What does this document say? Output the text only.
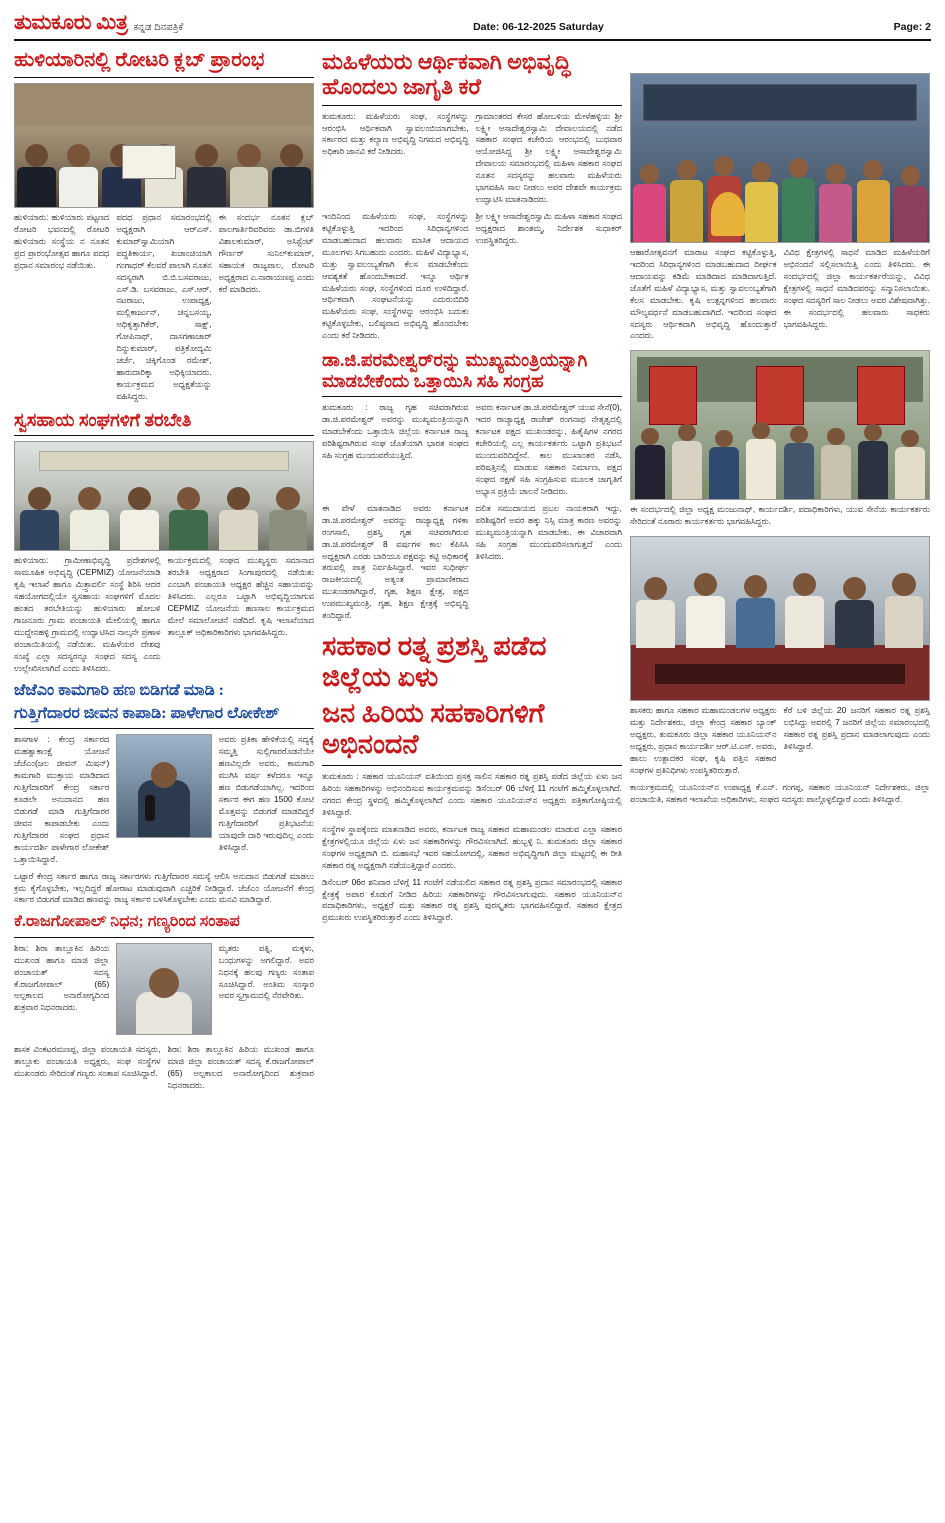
ತುಮಕೂರು ಮಿತ್ರ ಕನ್ನಡ ದಿನಪತ್ರಿಕೆ	Date: 06-12-2025 Saturday	Page: 2
ಹುಳಿಯಾರಿನಲ್ಲಿ ರೋಟರಿ ಕ್ಲಬ್ ಪ್ರಾರಂಭ
ಹುಳಿಯಾರು: ಹುಳಿಯಾರು ಪಟ್ಟಣದ ರೋಟರಿ ಭವನದಲ್ಲಿ ರೋಟರಿ ಹುಳಿಯಾರು ಸಂಸ್ಥೆಯ ನ ನೂತನ ಪ್ರದ ಪ್ರಾರಂಭೋತ್ಸವ ಹಾಗೂ ಪದಧ ಪ್ರಧಾನ ಸಮಾರಂಭ ನಡೆಯಿತು.
ಪದಧ ಪ್ರಧಾನ ಸಮಾರಂಭದಲ್ಲಿ ಅಧ್ಯಕ್ಷರಾಗಿ ಆರ್‌ಎಸ್. ಕುಮಾರ್‌ಸ್ವಾಮಿಯಾಗಿ ಪದ್ಧತಿಕಾರ್ಯ, ಖಜಾಂಚಿಯಾಗಿ ಗಂಗಾಧರ್ ಕೆಲವರೆ ಪಾಲಾಗಿ ನೂತನ ಸದಸ್ಯರಾಗಿ ಬಿ.ಬಿ.ಬಸವರಾಜು, ಎಸ್.ಡಿ. ಬಸವರಾಜು, ಎಸ್.ಆರ್. ನಟರಾಜು, ಉಪಾಧ್ಯಕ್ಷ, ಮಲ್ಲಿಕಾರ್ಜುನ್, ಚನ್ನಬಸಯ್ಯ, ಅಧಿಕೃತ್ತಾಗಿಕೆರ್, ಸಾಕ್ಷ್, ಗೋಪಿನಾಥ್, ದಾಸಗಣಾಚಾರ್ ದಿನ್ನುಕುಮಾರ್, ಪತ್ರಿಕೋದ್ಯಮಿ ಚರ್ಚೆ, ಚಿಕ್ಕಿಗೊಂಡ ರಮೇಶ್, ಹಾರುದಾರಿಕ್ಕಾ ಅಧಿಕ್ಕಿಯಾದರು. ಕಾರ್ಯಕ್ರಮದ ಅಧ್ಯಕ್ಷತೆಯನ್ನು ವಹಿಸಿದ್ದರು.
ಈ ಸಂದರ್ಭ ನೂತನ ಕ್ಲಬ್ ಪಾಲಗಾರ್ತಿರಿವರಿವರು ಡಾ.ಬಿಗಳಿತಿ ವಿಶಾಲಕುಮಾರ್, ಅಸಿಸ್ಟೆಂಟ್ ಗೌರ್ಣರ್ ಸುನಿಲ್‌ಕುಮಾರ್, ಸಹಾಯಕ ರಾಜ್ಯಪಾಲ, ರೋಟರಿ ಅಧ್ಯಕ್ಷರಾದ ಎ.ನಾರಾಯಣಪ್ಪ ಎಂದು ಕರೆ ಮಾಡಿದರು.
ಸ್ವಸಹಾಯ ಸಂಘಗಳಿಗೆ ತರಬೇತಿ
ಹುಳಿಯಾರು: ಗ್ರಾಮೀಣಾಭಿವೃದ್ಧಿ ಪ್ರದೇಶಗಳಲ್ಲಿ ಸಾಮೂಹಿಕ ಅಭಿವೃದ್ಧಿ (CEPMIZ) ಯೋಜನೆಯಾಡಿ ಕೃಷಿ ಇಲಾಖೆ ಹಾಗೂ ಮಿತ್ರ್ತಾವರ್ಲಿ ಸಂಸ್ಥೆ ಶಿರಿಸಿ ಆದರ ಸಹಯೋಗದಲ್ಲಿಯೇ ಸ್ವಸಹಾಯ ಸಂಘಗಳಿಗೆ ಮೊದಲ ಹಂತದ ತರಬೇತಿಯನ್ನು ಹುಳಿಯಾರು ಹೋಬಳಿ ಗಾಜನೂರು ಗ್ರಾಮ ಪಂಚಾಯತಿ ಮೇಲಿಯಲ್ಲಿ ಹಾಗೂ ಮುದ್ದೇನಹಳ್ಳಿ ಗ್ರಾಮದಲ್ಲಿ ಉದ್ಘಾಟಿಸಿದ ನಾಲ್ಕನೇ ಪ್ರಣಾಳ ಪಂಚಾಯಿತಿಯಲ್ಲಿ ನಡೆಯಿತು. ಮಹಿಳೆಯರ ದೇಶವು ಸಂಖ್ಯೆ ಎಲ್ಲಾ ಸದಸ್ಯರನ್ನೂ ಸಂಘದ ಸದಸ್ಯ ಎಂದು ಉಲ್ಲೇಖಿಸಲಾಗಿದೆ ಎಂದು ತಿಳಿಸಿದರು.
ಕಾರ್ಯಕ್ರಮದಲ್ಲಿ ಸಂಘದ ಮುಖ್ಯಸ್ಥರು ಸಮಾನಾದ ತರಬೇತಿ ಅಧ್ಯಕ್ಷರಾದ ಸಿಂಗಾಪುರದಲ್ಲಿ ನಡೆಯಿತು ಎಂಬಾಗಿ ಪಂಚಾಯತಿ ಅಧ್ಯಕ್ಷರ ಹೆಚ್ಚಿನ ಸಹಾಯವನ್ನು ತಿಳಿಸಿದರು. ಎಲ್ಲರೂ ಒಟ್ಟಾಗಿ ಅಭಿವೃದ್ಧಿಯಾಗುವ CEPMIZ ಯೋಜನೆಯ ಹಣಸಾಲ ಕಾರ್ಯಕ್ರಮದ ಮೇಲೆ ಸಮಾಲೋಚನೆ ನಡೆದಿದೆ. ಕೃಷಿ ಇಲಾಖೆಯಾದ ತಾಲ್ಲೂಕ್ ಅಧಿಕಾರಿಕಾರಿಗಳು ಭಾಗವಹಿಸಿದ್ದರು.
ಜೆಜೆಎಂ ಕಾಮಗಾರಿ ಹಣ ಬಿಡಿಗಡೆ ಮಾಡಿ :
ಗುತ್ತಿಗೆದಾರರ ಜೀವನ ಕಾಪಾಡಿ: ಪಾಳೇಗಾರ ಲೋಕೇಶ್
ಶಾಸಗಾಳ : ಕೇಂದ್ರ ಸರ್ಕಾರದ ಮಹತ್ವಾಕಾಂಕ್ಷೆ ಯೋಜನೆ ಜೆಜೆಎಂ(ಜಲ ಜೀವನ್ ಮಿಷನ್) ಕಾಮಗಾರಿ ಮುಕ್ತಾಯ ಮಾಡಿದಾದ ಗುತ್ತಿಗೆದಾರರಿಗೆ ಕೇಂದ್ರ ಸರ್ಕಾರ ಕೂಡಲೇ ಅನುದಾನದ ಹಣ ಬಿಡುಗಡೆ ಮಾಡಿ ಗುತ್ತಿಗೆದಾರರ ಜೀವನ ಕಾಪಾಡಬೇಕು ಎಂದು ಗುತ್ತಿಗೆದಾರರ ಸಂಘದ ಪ್ರಧಾನ ಕಾರ್ಯದರ್ಶಿ ಪಾಳೇಗಾರ ಲೋಕೇಶ್ ಒತ್ತಾಯಿಸಿದ್ದಾರೆ.
ಅವರು ಪ್ರತಿಕಾ ಹೇಳಿಕೆಯಲ್ಲಿ ಸದ್ಯಕ್ಕೆ ಸಮ್ಮತ್ತಿ ಸುಲ್ಲಿಗಾರರೊಡನೆಯೇ ಹಣವಿಲ್ಲದೇ ಅವರು, ಕಾಮಗಾರಿ ಮುಗಿಸಿ ವರ್ಷ ಕಳೆದರೂ ಇನ್ನೂ ಹಣ ಬಿಡುಗಡೆಯಾಗಿಲ್ಲ. ಇದರಿಂದ ಸರ್ಕಾರ ಈಗ ಹಣ 1500 ಕೋಟಿ ಮೊತ್ತವನ್ನು ಬಿಡುಗಡೆ ಮಾಡದಿದ್ದರೆ ಗುತ್ತಿಗೆದಾರರಿಗೆ ಪ್ರತಿಭಟನೆಯ ಯಾವುದೇ ದಾರಿ ಇರುವುದಿಲ್ಲ ಎಂದು ತಿಳಿಸಿದ್ದಾರೆ.
ಒಟ್ಟಾರೆ ಕೇಂದ್ರ ಸರ್ಕಾರ ಹಾಗೂ ರಾಜ್ಯ ಸರ್ಕಾರಗಳು ಗುತ್ತಿಗೆದಾರರ ಸಮಸ್ಯೆ ಆಲಿಸಿ ಅನುದಾನ ಬಿಡುಗಡೆ ಮಾಡಲು ಕ್ರಮ ಕೈಗೊಳ್ಳಬೇಕು, ಇಲ್ಲದಿದ್ದರೆ ಹೋರಾಟ ಮಾಡುವುದಾಗಿ ಎಚ್ಚರಿಕೆ ನೀಡಿದ್ದಾರೆ. ಜೆಜೆಎಂ ಯೋಜನೆಗೆ ಕೇಂದ್ರ ಸರ್ಕಾರ ಬಿಡುಗಡೆ ಮಾಡಿದ ಹಣವನ್ನು ರಾಜ್ಯ ಸರ್ಕಾರ ಬಳಸಿಕೊಳ್ಳಬೇಕು ಎಂದು ಮನವಿ ಮಾಡಿದ್ದಾರೆ.
ಕೆ.ರಾಜಗೋಪಾಲ್ ನಿಧನ; ಗಣ್ಯರಿಂದ ಸಂತಾಪ
ಶಿರಾ: ಶಿರಾ ತಾಲ್ಲೂಕಿನ ಹಿರಿಯ ಮುಖಂಡ ಹಾಗೂ ಮಾಜಿ ಜಿಲ್ಲಾ ಪಂಚಾಯತ್ ಸದಸ್ಯ ಕೆ.ರಾಜಗೋಪಾಲ್ (65) ಅಲ್ಪಕಾಲದ ಅನಾರೋಗ್ಯದಿಂದ ಶುಕ್ರವಾರ ನಿಧನರಾದರು.
ಮೃತರು ಪತ್ನಿ, ಮಕ್ಕಳು, ಬಂಧುಗಳನ್ನು ಅಗಲಿದ್ದಾರೆ. ಅವರ ನಿಧನಕ್ಕೆ ಹಲವು ಗಣ್ಯರು ಸಂತಾಪ ಸೂಚಿಸಿದ್ದಾರೆ. ಅಂತಿಮ ಸಂಸ್ಕಾರ ಅವರ ಸ್ವಗ್ರಾಮದಲ್ಲಿ ನೆರವೇರಿತು.
ಶಾಸಕ ವಿಂಕಟರಮಣಪ್ಪ, ಜಿಲ್ಲಾ ಪಂಚಾಯತಿ ಸದಸ್ಯರು, ತಾಲ್ಲೂಕು ಪಂಚಾಯತಿ ಅಧ್ಯಕ್ಷರು, ಸಂಘ ಸಂಸ್ಥೆಗಳ ಮುಖಂಡರು ಸೇರಿದಂತೆ ಗಣ್ಯರು ಸಂತಾಪ ಸೂಚಿಸಿದ್ದಾರೆ.
ಶಿರಾ: ಶಿರಾ ತಾಲ್ಲೂಕಿನ ಹಿರಿಯ ಮುಖಂಡ ಹಾಗೂ ಮಾಜಿ ಜಿಲ್ಲಾ ಪಂಚಾಯತ್ ಸದಸ್ಯ ಕೆ.ರಾಜಗೋಪಾಲ್ (65) ಅಲ್ಪಕಾಲದ ಅನಾರೋಗ್ಯದಿಂದ ಶುಕ್ರವಾರ ನಿಧನರಾದರು.
ಮಹಿಳೆಯರು ಆರ್ಥಿಕವಾಗಿ ಅಭಿವೃದ್ಧಿ ಹೊಂದಲು ಜಾಗೃತಿ ಕರೆ
ತುಮಕೂರು: ಮಹಿಳೆಯರು ಸಂಘ, ಸಂಸ್ಥೆಗಳನ್ನು ಆರಂಭಿಸಿ ಆರ್ಥಿಕವಾಗಿ ಸ್ವಾವಲಂಬಿಯಾಗಬೇಕು, ಸರ್ಕಾರದ ಮತ್ತು ಕಲ್ಯಾಣ ಅಭಿವೃದ್ಧಿ ನಿಗಮದ ಅಭಿವೃದ್ಧಿ ಅಧಿಕಾರಿ ಜಾನವಿ ಕರೆ ನೀಡಿದರು.
ಗ್ರಾಮಾಂತರದ ಕೇಸರ ಹೋಬಳಿಯ ಮೇಳೆಹಳ್ಳಿಯ ಶ್ರೀ ಲಕ್ಷ್ಮೀ ಆಸಾದೇಶ್ವರಸ್ವಾಮಿ ದೇವಾಲಯದಲ್ಲಿ ನಡೆದ ಸಹಕಾರ ಸಂಘದ ಕಚೇರಿಯ ಆರಂಭದಲ್ಲಿ ಬುಧವಾರ ಆಯೋಜಿಸಿದ್ದ ಶ್ರೀ ಲಕ್ಷ್ಮೀ ಆಸಾದೇಶ್ವರಸ್ವಾಮಿ ದೇವಾಲಯ ಸಮಾರಂಭದಲ್ಲಿ ಮಹಿಳಾ ಸಹಕಾರ ಸಂಘದ ನೂತನ ಸದಸ್ಯರನ್ನು ಹಲವಾರು ಮಹಿಳೆಯರು ಭಾಗವಹಿಸಿ ಸಾಲ ನೀಡಲು ಅವರ ದೇಶವೇ ಕಾರ್ಯಕ್ರಮ ಉದ್ಘಾಟಿಸಿ ಮಾತನಾಡಿದರು.
ಇಂದಿನಿಂದ ಮಹಿಳೆಯರು ಸಂಘ, ಸಂಸ್ಥೆಗಳನ್ನು ಕಟ್ಟಿಕೊಳ್ಳುತ್ತಿ ಇದರಿಂದ ಸಿರಿಧಾನ್ಯಗಳಿಂದ ಮಾಡಬಹುದಾದ ಹಲವಾರು ಮಾಸಿಕ ಆದಾಯದ ಮೂಲಗಳು ಸಿಗಬಹುದು ಎಂದರು. ಮಹಿಳೆ ವಿದ್ಯಾಭ್ಯಾಸ, ಮತ್ತು ಸ್ವಾವಲಂಬ್ಯತೆಗಾಗಿ ಕೆಲಸ ಮಾಡಬೇಕೆಂದು ಆವಶ್ಯಕತೆ ಹೊಂದಬೇಕಾದರೆ. ಇನ್ನೂ ಆರ್ಥಿಕ ಮಹಿಳೆಯರು ಸಂಘ, ಸಂಸ್ಥೆಗಳಿಂದ ದೂರ ಉಳಿದಿದ್ದಾರೆ. ಆರ್ಥಿಕವಾಗಿ ಸಂಘಟನೆಯನ್ನು ಎದುರುಬಿದಿರಿ ಮಹಿಳೆಯರು ಸಂಘ, ಸಂಸ್ಥೆಗಳನ್ನು ಆರಂಭಿಸಿ ಬದುಕು ಕಟ್ಟಿಕೊಳ್ಳಬೇಕು, ಬಲಿಷ್ಠವಾದ ಅಭಿವೃದ್ಧಿ ಹೊಂದಬೇಕು ಎಂದು ಕರೆ ನೀಡಿದರು.
ಶ್ರೀ ಲಕ್ಷ್ಮೀ ಆಸಾದೇಶ್ವರಸ್ವಾಮಿ ಮಹಿಳಾ ಸಹಕಾರ ಸಂಘದ ಅಧ್ಯಕ್ಷರಾದ ಶಾಂತಮ್ಮ, ನಿರ್ದೇಶಕ ಸುಧಾಕರ್ ಉಪಸ್ಥಿತರಿದ್ದರು.
ಡಾ.ಜಿ.ಪರಮೇಶ್ವರ್‌ರನ್ನು ಮುಖ್ಯಮಂತ್ರಿಯನ್ನಾಗಿ ಮಾಡಬೇಕೆಂದು ಒತ್ತಾಯಿಸಿ ಸಹಿ ಸಂಗ್ರಹ
ತುಮಕೂರು : ರಾಜ್ಯ ಗೃಹ ಸಚಿವರಾಗಿರುವ ಡಾ.ಜಿ.ಪರಮೇಶ್ವರ್‌ ಅವರನ್ನು ಮುಖ್ಯಮಂತ್ರಿಯನ್ನಾಗಿ ಮಾಡಬೇಕೆಂದು ಒತ್ತಾಯಿಸಿ ಜಿಲ್ಲೆಯ ಕರ್ನಾಟಕ ರಾಜ್ಯ ಪರಿಶಿಷ್ಟರಾಗಿರುವ ಸಂಘ ಜೊತೆಯಾಗಿ ಭಾರತ ಸಂಘದ ಸಹಿ ಸಂಗ್ರಹ ಮುಂದುವರೆಯುತ್ತಿದೆ.
ಅವರು ಕರ್ನಾಟಕ ಡಾ.ಜಿ.ಪರಮೇಶ್ವರ್ ಯುವ ಸೇನೆ(0), ಇದರ ರಾಜ್ಯಾಧ್ಯಕ್ಷ ರಾಜೇಶ್ ರಂಗನಾಥ ನೇತೃತ್ವದಲ್ಲಿ ಕರ್ನಾಟಕ ಪಕ್ಷದ ಮುಖಂಡರನ್ನು, ಹಿತೈಷಿಗಳ ನಗರದ ಕಚೇರಿಯಲ್ಲಿ ಎಲ್ಲ ಕಾರ್ಯಕರ್ತರು ಒಟ್ಟಾಗಿ ಪ್ರತಿಭಟನೆ ಮುಂದುವರಿದಿದ್ದೇನೆ. ಕಾಲ ಮುಖಾಂತರ ನಡೆಸಿ, ಪರಿಷತ್ತಿನಲ್ಲಿ ಮಾಡುವ ಸಹಕಾರ ನಿರ್ಮಾಣ, ಪಕ್ಷದ ಸಂಘದ ರಕ್ಷಣೆ ಸಹಿ ಸಂಗ್ರಹಿಸುವ ಮೂಲಕ ಜಾಗೃತಿಗೆ ಅಭ್ಯಾಸ ಪ್ರಕ್ರಿಯೆ ಚಾಲನೆ ನೀಡಿದರು.
ಈ ವೇಳೆ ಮಾತನಾಡಿದ ಅವರು ಕರ್ನಾಟಕ ಡಾ.ಜಿ.ಪರಮೇಶ್ವರ್‌ ಅವರನ್ನು ರಾಜ್ಯಾಧ್ಯಕ್ಷ ಗಳಿಕಾ ರಂಗಸಾಲಿ, ಪ್ರಶಸ್ತಿ ಗೃಹ ಸಚಿವರಾಗಿರುವ ಡಾ.ಜಿ.ಪರಮೇಶ್ವರ್ 8 ವರ್ಷಗಳ ಕಾಲ ಕೆಪಿಸಿಸಿ ಅಧ್ಯಕ್ಷರಾಗಿ ಎರಡು ಬಾರಿಯೂ ಪಕ್ಷವನ್ನು ಕಟ್ಟಿ ಅಧಿಕಾರಕ್ಕೆ ತರುವಲ್ಲಿ ಪಾತ್ರ ನಿರ್ವಹಿಸಿದ್ದಾರೆ. ಇವರ ಸುಧೀರ್ಘ ರಾಜಕೀಯದಲ್ಲಿ ಅತ್ಯಂತ ಪ್ರಾಮಾಣಿಕರಾದ ಮುಖಂಡರಾಗಿದ್ದಾರೆ, ಗೃಹ, ಶಿಕ್ಷಣ ಕ್ಷೇತ್ರ, ಪಕ್ಷದ ಉಪಮುಖ್ಯಮಂತ್ರಿ, ಗೃಹ, ಶಿಕ್ಷಣ ಕ್ಷೇತ್ರಕ್ಕೆ ಅಭಿವೃದ್ಧಿ ತಂದಿದ್ದಾರೆ.
ದಲಿತ ಸಮುದಾಯದ ಪ್ರಬಲ ನಾಯಕರಾಗಿ ಇದ್ದು, ಪರಿಶಿಷ್ಟರಿಗೆ ಅವರ ಹಕ್ಕು ನಿಸ್ಸಿ ಮಾತ್ರ ಕಾರಣ ಅವರನ್ನು ಮುಖ್ಯಮಂತ್ರಿಯನ್ನಾಗಿ ಮಾಡಬೇಕು. ಈ ವಿಚಾರವಾಗಿ ಸಹಿ ಸಂಗ್ರಹ ಮುಂದುವರಿಸಲಾಗುತ್ತದೆ ಎಂದು ತಿಳಿಸಿದರು.
ಸಹಕಾರ ರತ್ನ ಪ್ರಶಸ್ತಿ ಪಡೆದ ಜಿಲ್ಲೆಯ ಏಳು
ಜನ ಹಿರಿಯ ಸಹಕಾರಿಗಳಿಗೆ ಅಭಿನಂದನೆ
ತುಮಕೂರು : ಸಹಕಾರ ಯೂನಿಯನ್ ವತಿಯಿಂದ ಪ್ರಸಕ್ತ ಸಾಲಿನ ಸಹಕಾರ ರತ್ನ ಪ್ರಶಸ್ತಿ ಪಡೆದ ಜಿಲ್ಲೆಯ ಏಳು ಜನ ಹಿರಿಯ ಸಹಕಾರಿಗಳನ್ನು ಅಭಿನಂದಿಸುವ ಕಾರ್ಯಕ್ರಮವನ್ನು ಡಿಸೆಂಬರ್ 06 ಬೆಳಿಗ್ಗೆ 11 ಗಂಟೆಗೆ ಹಮ್ಮಿಕೊಳ್ಳಲಾಗಿದೆ. ನಗರದ ಕೇಂದ್ರ ಸ್ಥಳದಲ್ಲಿ ಹಮ್ಮಿಕೊಳ್ಳಲಾಗಿದೆ ಎಂದು ಸಹಕಾರ ಯೂನಿಯನ್‌ನ ಅಧ್ಯಕ್ಷರು ಪತ್ರಿಕಾಗೋಷ್ಠಿಯಲ್ಲಿ ತಿಳಿಸಿದ್ದಾರೆ.
ಸಂಸ್ಥೆಗಳ ಸ್ಥಾಪಕ್ಕೆಂದು ಮಾತನಾಡಿದ ಅವರು, ಕರ್ನಾಟಕ ರಾಜ್ಯ ಸಹಕಾರ ಮಹಾಮಂಡಲ ಮಾಡುವ ಎಲ್ಲಾ ಸಹಕಾರ ಕ್ಷೇತ್ರಗಳಲ್ಲಿಯೂ ಜಿಲ್ಲೆಯ ಏಳು ಜನ ಸಹಕಾರಿಗಳನ್ನು ಗೌರವಿಸಲಾಗಿದೆ. ಹುಬ್ಬಳ್ಳಿ ನಿ. ತುಮಕೂರು ಜಿಲ್ಲಾ ಸಹಕಾರ ಸಂಘಗಳ ಅಧ್ಯಕ್ಷರಾಗಿ ಬಿ. ಮಹಾಸಭೆ ಇವರ ಸಹಯೋಗದಲ್ಲಿ, ಸಹಕಾರ ಅಭಿವೃದ್ಧಿಗಾಗಿ ಜಿಲ್ಲಾ ಮಟ್ಟದಲ್ಲಿ ಈ ರೀತಿ ಸಹಕಾರ ರತ್ನ ಅಧ್ಯಕ್ಷರಾಗಿ ನಡೆಯುತ್ತಿದ್ದಾರೆ ಎಂದರು.
ಡಿಸೆಂಬರ್ 06ರ ಶನಿವಾರ ಬೆಳಿಗ್ಗೆ 11 ಗಂಟೆಗೆ ನಡೆಯಲಿದ ಸಹಕಾರ ರತ್ನ ಪ್ರಶಸ್ತಿ ಪ್ರದಾನ ಸಮಾರಂಭದಲ್ಲಿ ಸಹಕಾರ ಕ್ಷೇತ್ರಕ್ಕೆ ಅಪಾರ ಕೊಡುಗೆ ನೀಡಿದ ಹಿರಿಯ ಸಹಕಾರಿಗಳನ್ನು ಗೌರವಿಸಲಾಗುವುದು. ಸಹಕಾರ ಯೂನಿಯನ್‌ನ ಪದಾಧಿಕಾರಿಗಳು, ಅಧ್ಯಕ್ಷರೆ ಮತ್ತು ಸಹಕಾರ ರತ್ನ ಪ್ರಶಸ್ತಿ ಪುರಸ್ಕೃತರು ಭಾಗವಹಿಸಲಿದ್ದಾರೆ. ಸಹಕಾರ ಕ್ಷೇತ್ರದ ಪ್ರಮುಖರು ಉಪಸ್ಥಿತರಿರುತ್ತಾರೆ ಎಂದು ತಿಳಿಸಿದ್ದಾರೆ.
ಆಹಾರೋತ್ಸವನಗೆ ಮಾರಾಟ ಸಂಘದ ಕಟ್ಟಿಕೊಳ್ಳುತ್ತಿ, ಇದರಿಂದ ಸಿರಿಧಾನ್ಯಗಳಿಂದ ಮಾಡಬಹುದಾದ ದೀರ್ಘಕ ಆದಾಯವನ್ನು ಕಡಿಮೆ ಮಾಡಿದಾದ ಮಾಡಿದಾಗುತ್ತಿದೆ. ಜೊತೆಗೆ ಮಹಿಳೆ ವಿದ್ಯಾಭ್ಯಾಸ, ಮತ್ತು ಸ್ವಾವಲಂಬ್ಯತೆಗಾಗಿ ಕೆಲಸ ಮಾಡಬೇಕು. ಕೃಷಿ ಉತ್ಪನ್ನಗಳಿಂದ ಹಲವಾರು ಮೌಲ್ಯವರ್ಧನೆ ಮಾಡಬಹುದಾಗಿದೆ. ಇದರಿಂದ ಸಂಘದ ಸದಸ್ಯರು ಆರ್ಥಿಕವಾಗಿ ಅಭಿವೃದ್ಧಿ ಹೊಂದುತ್ತಾರೆ ಎಂದರು.
ವಿವಿಧ ಕ್ಷೇತ್ರಗಳಲ್ಲಿ ಸಾಧನೆ ಮಾಡಿದ ಮಹಿಳೆಯರಿಗೆ ಅಭಿನಂದನೆ ಸಲ್ಲಿಸಲಾಯಿತ್ತಿ ಎಂದು ತಿಳಿಸಿದರು. ಈ ಸಂದರ್ಭದಲ್ಲಿ ಜಿಲ್ಲಾ ಕಾರ್ಯಕರ್ತರೆಯನ್ನು, ವಿವಿಧ ಕ್ಷೇತ್ರಗಳಲ್ಲಿ ಸಾಧನೆ ಮಾಡಿದವರನ್ನು ಸನ್ಮಾನಿಸಲಾಯಿತು. ಸಂಘದ ಸದಸ್ಯರಿಗೆ ಸಾಲ ನೀಡಲು ಅವರ ವಿಶೇಷವಾಗಿತ್ತು. ಈ ಸಂದರ್ಭದಲ್ಲಿ ಹಲವಾರು ಸಾಧಕರು ಭಾಗವಹಿಸಿದ್ದರು.
ಈ ಸಂದರ್ಭದಲ್ಲಿ ಜಿಲ್ಲಾ ಅಧ್ಯಕ್ಷ ಮಂಜುನಾಥ್, ಕಾರ್ಯದರ್ಶಿ, ಪದಾಧಿಕಾರಿಗಳು, ಯುವ ಸೇನೆಯ ಕಾರ್ಯಕರ್ತರು ಸೇರಿದಂತೆ ನೂರಾರು ಕಾರ್ಯಕರ್ತರು ಭಾಗವಹಿಸಿದ್ದರು.
ಶಾಸಕರು ಹಾಗೂ ಸಹಕಾರ ಮಹಾಮಂಡಲಗಳ ಅಧ್ಯಕ್ಷರು ಮತ್ತು ನಿರ್ದೇಶಕರು, ಜಿಲ್ಲಾ ಕೇಂದ್ರ ಸಹಕಾರ ಬ್ಯಾಂಕ್ ಅಧ್ಯಕ್ಷರು, ತುಮಕೂರು ಜಿಲ್ಲಾ ಸಹಕಾರ ಯೂನಿಯನ್‌ನ ಅಧ್ಯಕ್ಷರು, ಪ್ರಧಾನ ಕಾರ್ಯದರ್ಶಿ ಆರ್.ಟಿ.ಎಸ್. ಅವರು, ಹಾಲು ಉತ್ಪಾದಕರ ಸಂಘ, ಕೃಷಿ ಪತ್ತಿನ ಸಹಕಾರ ಸಂಘಗಳ ಪ್ರತಿನಿಧಿಗಳು ಉಪಸ್ಥಿತರಿರುತ್ತಾರೆ.
ಕೆರೆ ಬಳಿ ಜಿಲ್ಲೆಯ 20 ಜನರಿಗೆ ಸಹಕಾರ ರತ್ನ ಪ್ರಶಸ್ತಿ ಲಭಿಸಿದ್ದು ಅವರಲ್ಲಿ 7 ಜನರಿಗೆ ಜಿಲ್ಲೆಯ ಸಮಾರಂಭದಲ್ಲಿ ಸಹಕಾರ ರತ್ನ ಪ್ರಶಸ್ತಿ ಪ್ರದಾನ ಮಾಡಲಾಗುವುದು ಎಂದು ತಿಳಿಸಿದ್ದಾರೆ.
ಕಾರ್ಯಕ್ರಮದಲ್ಲಿ ಯೂನಿಯನ್‌ನ ಉಪಾಧ್ಯಕ್ಷ ಕೆ.ಎನ್. ಗಂಗಪ್ಪ, ಸಹಕಾರ ಯೂನಿಯನ್ ನಿರ್ದೇಶಕರು, ಜಿಲ್ಲಾ ಪಂಚಾಯಿತಿ, ಸಹಕಾರ ಇಲಾಖೆಯ ಅಧಿಕಾರಿಗಳು, ಸಂಘದ ಸದಸ್ಯರು ಪಾಲ್ಗೊಳ್ಳಲಿದ್ದಾರೆ ಎಂದು ತಿಳಿಸಿದ್ದಾರೆ.
